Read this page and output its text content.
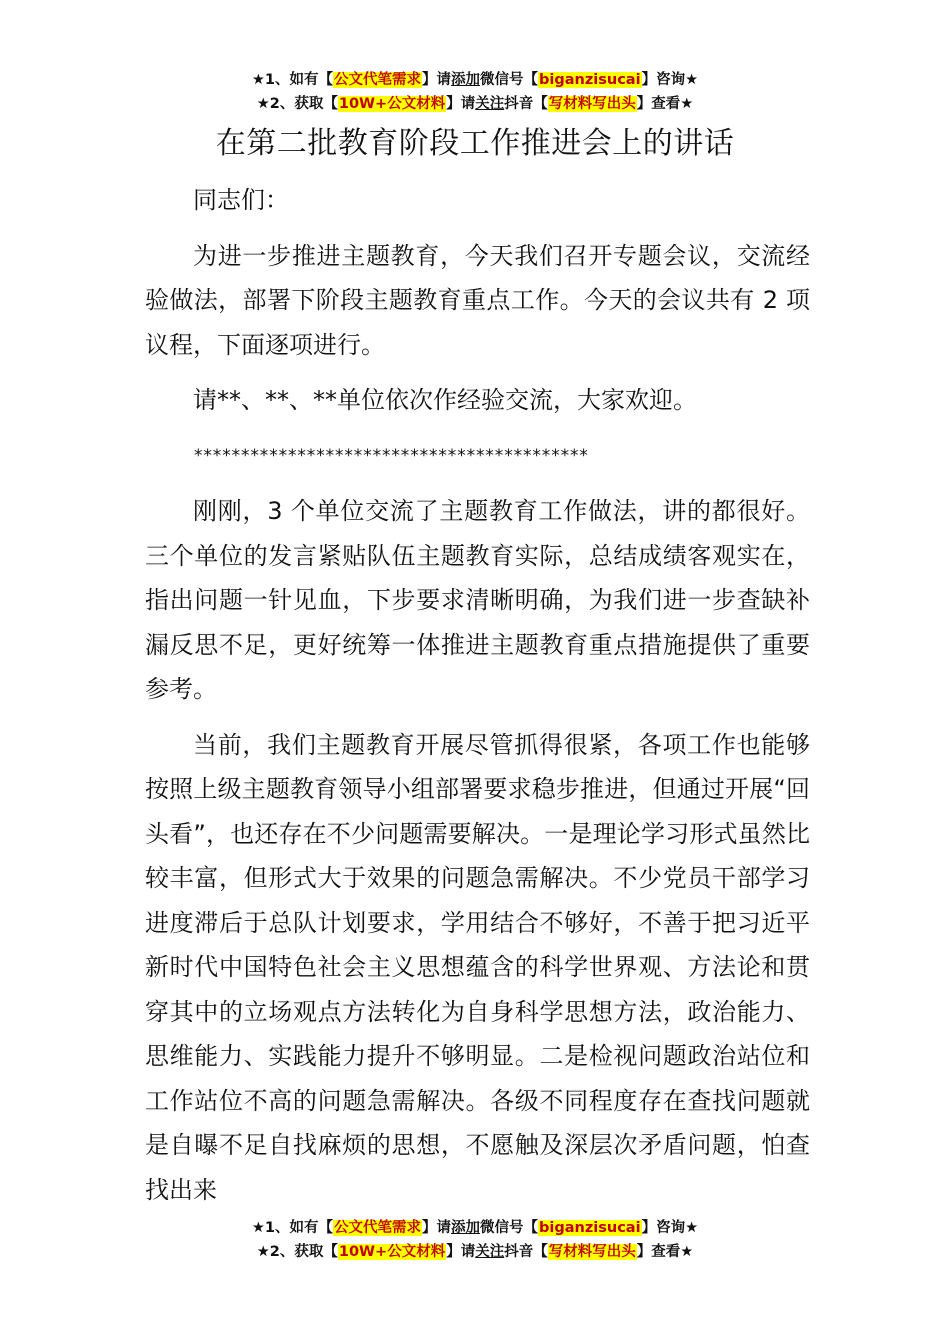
★1、如有【公文代笔需求】请添加微信号【biganzisucai】咨询★
★2、获取【10W+公文材料】请关注抖音【写材料写出头】查看★
在第二批教育阶段工作推进会上的讲话

同志们：

为进一步推进主题教育，今天我们召开专题会议，交流经验做法，部署下阶段主题教育重点工作。今天的会议共有 2 项议程，下面逐项进行。

请**、**、**单位依次作经验交流，大家欢迎。

******************************************

刚刚，3 个单位交流了主题教育工作做法，讲的都很好。三个单位的发言紧贴队伍主题教育实际，总结成绩客观实在，指出问题一针见血，下步要求清晰明确，为我们进一步查缺补漏反思不足，更好统筹一体推进主题教育重点措施提供了重要参考。

当前，我们主题教育开展尽管抓得很紧，各项工作也能够按照上级主题教育领导小组部署要求稳步推进，但通过开展“回头看”，也还存在不少问题需要解决。一是理论学习形式虽然比较丰富，但形式大于效果的问题急需解决。不少党员干部学习进度滞后于总队计划要求，学用结合不够好，不善于把习近平新时代中国特色社会主义思想蕴含的科学世界观、方法论和贯穿其中的立场观点方法转化为自身科学思想方法，政治能力、思维能力、实践能力提升不够明显。二是检视问题政治站位和工作站位不高的问题急需解决。各级不同程度存在查找问题就是自曝不足自找麻烦的思想，不愿触及深层次矛盾问题，怕查找出来

★1、如有【公文代笔需求】请添加微信号【biganzisucai】咨询★
★2、获取【10W+公文材料】请关注抖音【写材料写出头】查看★
